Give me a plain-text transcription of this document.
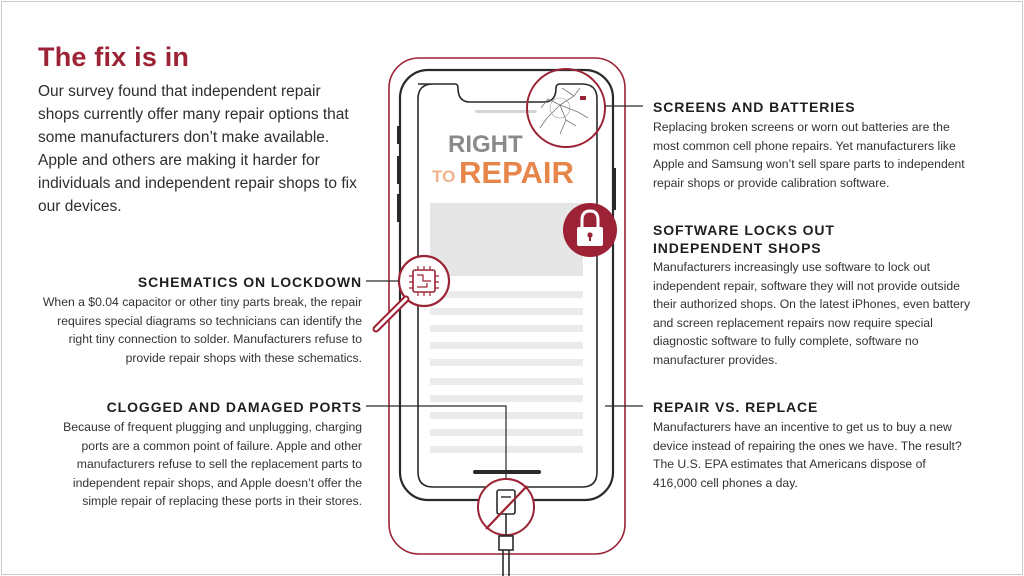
RIGHT
TO REPAIR
The fix is in
Our survey found that independent repair shops currently offer many repair options that some manufacturers don’t make available. Apple and others are making it harder for individuals and independent repair shops to fix our devices.
SCHEMATICS ON LOCKDOWN
When a $0.04 capacitor or other tiny parts break, the repair requires special diagrams so technicians can identify the right tiny connection to solder. Manufacturers refuse to provide repair shops with these schematics.
CLOGGED AND DAMAGED PORTS
Because of frequent plugging and unplugging, charging ports are a common point of failure. Apple and other manufacturers refuse to sell the replacement parts to independent repair shops, and Apple doesn’t offer the simple repair of replacing these ports in their stores.
SCREENS AND BATTERIES
Replacing broken screens or worn out batteries are the most common cell phone repairs. Yet manufacturers like Apple and Samsung won’t sell spare parts to independent repair shops or provide calibration software.
SOFTWARE LOCKS OUT
INDEPENDENT SHOPS
Manufacturers increasingly use software to lock out independent repair, software they will not provide outside their authorized shops. On the latest iPhones, even battery and screen replacement repairs now require special diagnostic software to fully complete, software no manufacturer provides.
REPAIR VS. REPLACE
Manufacturers have an incentive to get us to buy a new device instead of repairing the ones we have. The result? The U.S. EPA estimates that Americans dispose of 416,000 cell phones a day.
